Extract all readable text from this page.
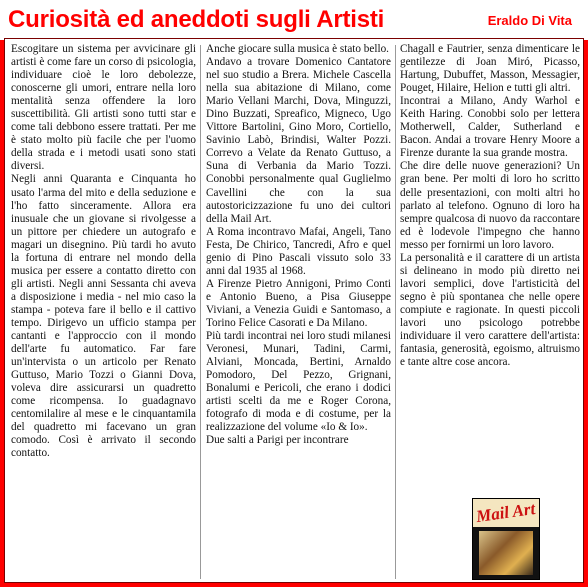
Curiosità ed aneddoti sugli Artisti	Eraldo Di Vita

Escogitare un sistema per avvicinare gli artisti è come fare un corso di psicologia, individuare cioè le loro debolezze, conoscerne gli umori, entrare nella loro mentalità senza offendere la loro suscettibilità. Gli artisti sono tutti star e come tali debbono essere trattati. Per me è stato molto più facile che per l'uomo della strada e i metodi usati sono stati diversi.

Negli anni Quaranta e Cinquanta ho usato l'arma del mito e della seduzione e l'ho fatto sinceramente. Allora era inusuale che un giovane si rivolgesse a un pittore per chiedere un autografo e magari un disegnino. Più tardi ho avuto la fortuna di entrare nel mondo della musica per essere a contatto diretto con gli artisti. Negli anni Sessanta chi aveva a disposizione i media - nel mio caso la stampa - poteva fare il bello e il cattivo tempo. Dirigevo un ufficio stampa per cantanti e l'approccio con il mondo dell'arte fu automatico. Far fare un'intervista o un articolo per Renato Guttuso, Mario Tozzi o Gianni Dova, voleva dire assicurarsi un quadretto come ricompensa. Io guadagnavo centomilalire al mese e le cinquantamila del quadretto mi facevano un gran comodo. Così è arrivato il secondo contatto.

Anche giocare sulla musica è stato bello.

Andavo a trovare Domenico Cantatore nel suo studio a Brera. Michele Cascella nella sua abitazione di Milano, come Mario Vellani Marchi, Dova, Minguzzi, Dino Buzzati, Spreafico, Migneco, Ugo Vittore Bartolini, Gino Moro, Cortiello, Savinio Labò, Brindisi, Walter Pozzi. Correvo a Velate da Renato Guttuso, a Suna di Verbania da Mario Tozzi. Conobbi personalmente qual Guglielmo Cavellini che con la sua autostoricizzazione fu uno dei cultori della Mail Art.

A Roma incontravo Mafai, Angeli, Tano Festa, De Chirico, Tancredi, Afro e quel genio di Pino Pascali vissuto solo 33 anni dal 1935 al 1968.

A Firenze Pietro Annigoni, Primo Conti e Antonio Bueno, a Pisa Giuseppe Viviani, a Venezia Guidi e Santomaso, a Torino Felice Casorati e Da Milano.

Più tardi incontrai nei loro studi milanesi Veronesi, Munari, Tadini, Carmi, Alviani, Moncada, Bertini, Arnaldo Pomodoro, Del Pezzo, Grignani, Bonalumi e Pericoli, che erano i dodici artisti scelti da me e Roger Corona, fotografo di moda e di costume, per la realizzazione del volume «Io & Io».

Due salti a Parigi per incontrare

Chagall e Fautrier, senza dimenticare le gentilezze di Joan Miró, Picasso, Hartung, Dubuffet, Masson, Messagier, Pouget, Hilaire, Helion e tutti gli altri.

Incontrai a Milano, Andy Warhol e Keith Haring. Conobbi solo per lettera Motherwell, Calder, Sutherland e Bacon. Andai a trovare Henry Moore a Firenze durante la sua grande mostra.

Che dire delle nuove generazioni? Un gran bene. Per molti di loro ho scritto delle presentazioni, con molti altri ho parlato al telefono. Ognuno di loro ha sempre qualcosa di nuovo da raccontare ed è lodevole l'impegno che hanno messo per fornirmi un loro lavoro.

La personalità e il carattere di un artista si delineano in modo più diretto nei lavori semplici, dove l'artisticità del segno è più spontanea che nelle opere compiute e ragionate. In questi piccoli lavori uno psicologo potrebbe individuare il vero carattere dell'artista: fantasia, generosità, egoismo, altruismo e tante altre cose ancora.

Mail Art
